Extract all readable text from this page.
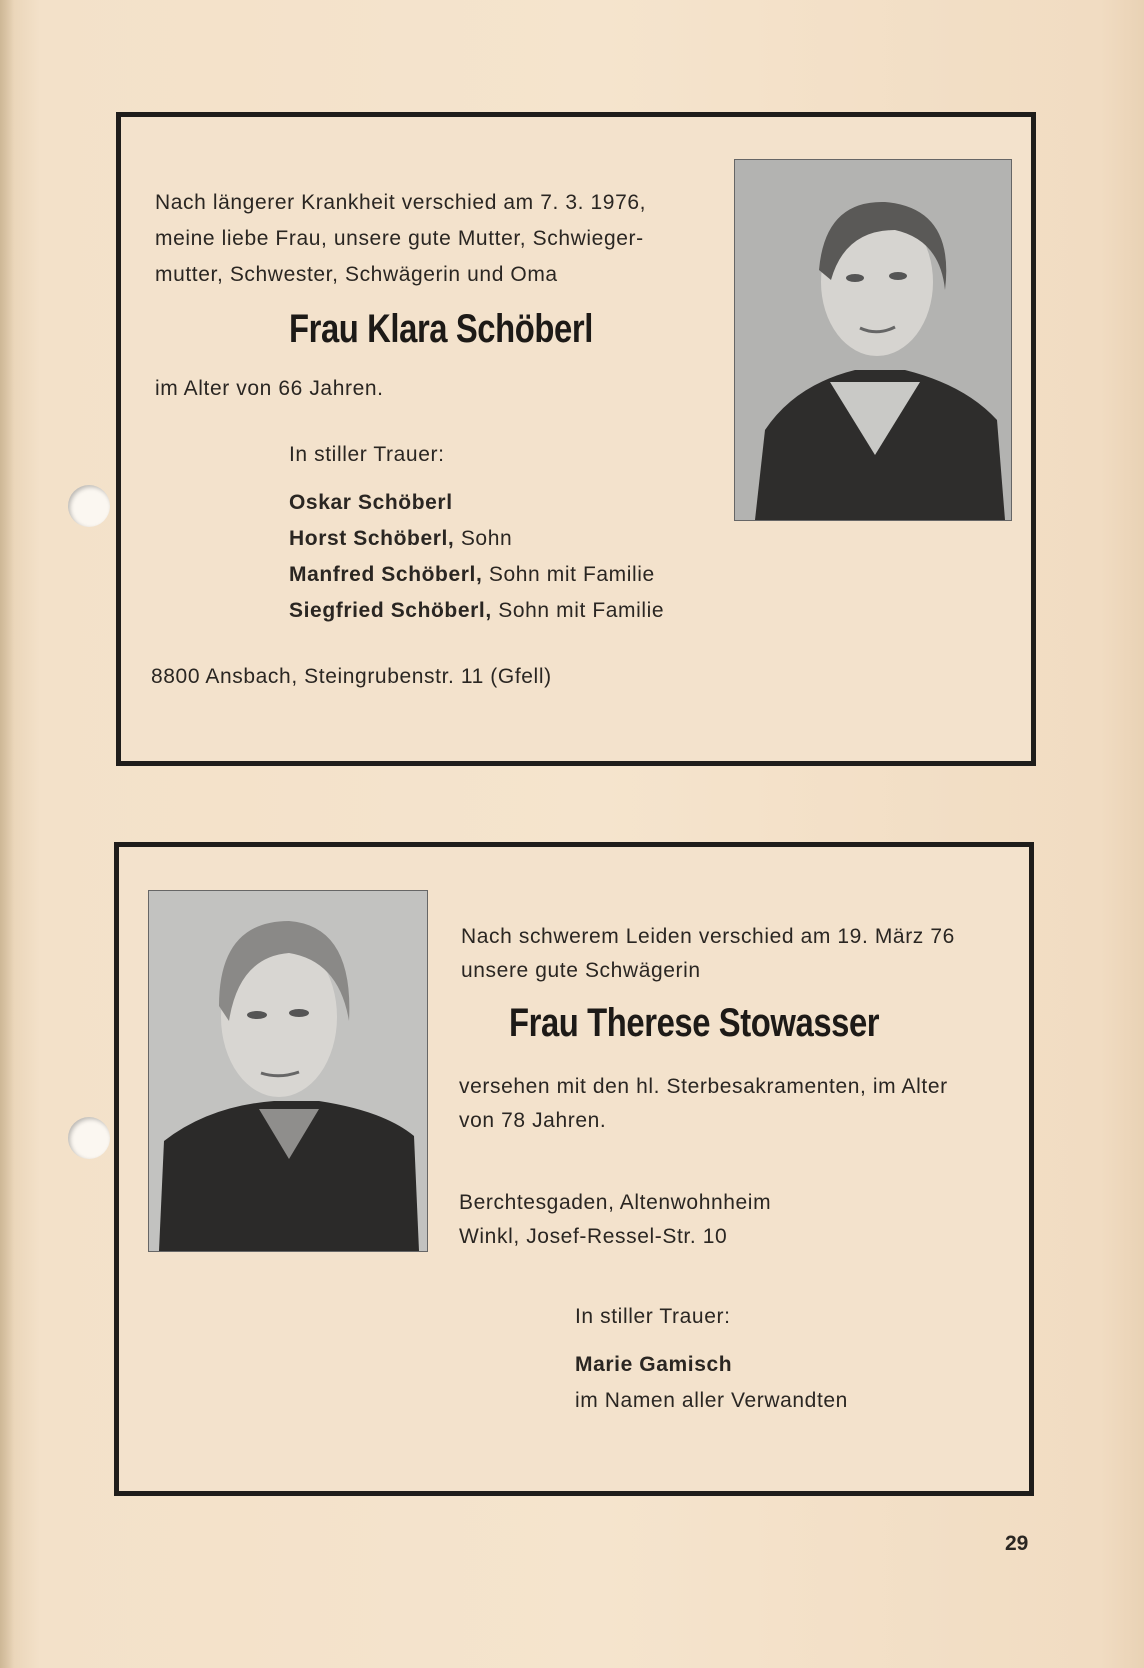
Nach längerer Krankheit verschied am 7. 3. 1976,
meine liebe Frau, unsere gute Mutter, Schwieger-
mutter, Schwester, Schwägerin und Oma
Frau Klara Schöberl
im Alter von 66 Jahren.
In stiller Trauer:
Oskar Schöberl
Horst Schöberl, Sohn
Manfred Schöberl, Sohn mit Familie
Siegfried Schöberl, Sohn mit Familie
8800 Ansbach, Steingrubenstr. 11 (Gfell)
Nach schwerem Leiden verschied am 19. März 76
unsere gute Schwägerin
Frau Therese Stowasser
versehen mit den hl. Sterbesakramenten, im Alter
von 78 Jahren.
Berchtesgaden, Altenwohnheim
Winkl, Josef-Ressel-Str. 10
In stiller Trauer:
Marie Gamisch
im Namen aller Verwandten
29
